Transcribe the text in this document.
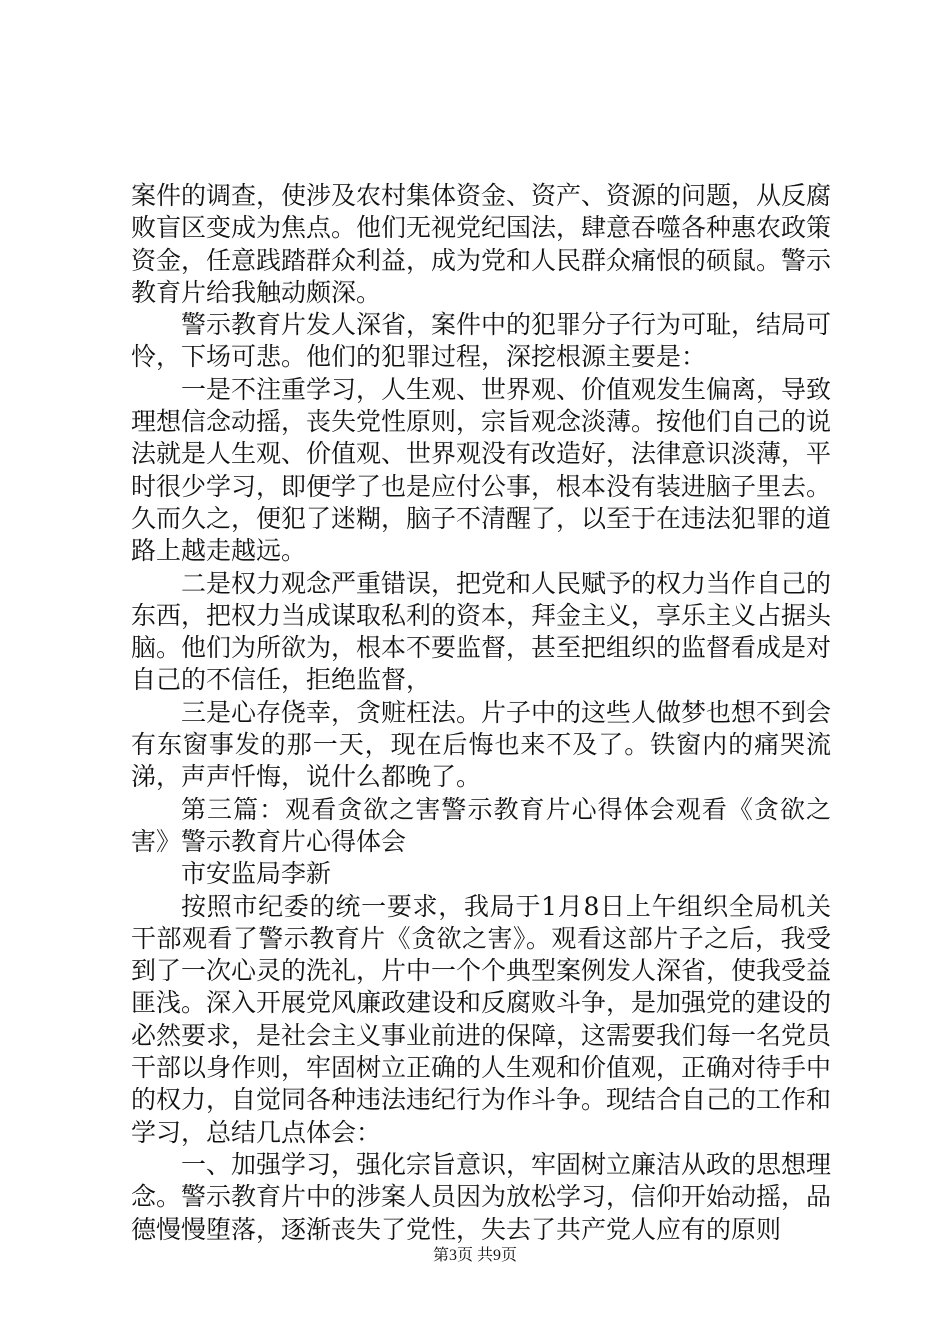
案件的调查，使涉及农村集体资金、资产、资源的问题，从反腐败盲区变成为焦点。他们无视党纪国法，肆意吞噬各种惠农政策资金，任意践踏群众利益，成为党和人民群众痛恨的硕鼠。警示教育片给我触动颇深。

警示教育片发人深省，案件中的犯罪分子行为可耻，结局可怜，下场可悲。他们的犯罪过程，深挖根源主要是：

一是不注重学习，人生观、世界观、价值观发生偏离，导致理想信念动摇，丧失党性原则，宗旨观念淡薄。按他们自己的说法就是人生观、价值观、世界观没有改造好，法律意识淡薄，平时很少学习，即便学了也是应付公事，根本没有装进脑子里去。久而久之，便犯了迷糊，脑子不清醒了，以至于在违法犯罪的道路上越走越远。

二是权力观念严重错误，把党和人民赋予的权力当作自己的东西，把权力当成谋取私利的资本，拜金主义，享乐主义占据头脑。他们为所欲为，根本不要监督，甚至把组织的监督看成是对自己的不信任，拒绝监督，

三是心存侥幸，贪赃枉法。片子中的这些人做梦也想不到会有东窗事发的那一天，现在后悔也来不及了。铁窗内的痛哭流涕，声声忏悔，说什么都晚了。

第三篇：观看贪欲之害警示教育片心得体会观看《贪欲之害》警示教育片心得体会

市安监局李新

按照市纪委的统一要求，我局于1月8日上午组织全局机关干部观看了警示教育片《贪欲之害》。观看这部片子之后，我受到了一次心灵的洗礼，片中一个个典型案例发人深省，使我受益匪浅。深入开展党风廉政建设和反腐败斗争，是加强党的建设的必然要求，是社会主义事业前进的保障，这需要我们每一名党员干部以身作则，牢固树立正确的人生观和价值观，正确对待手中的权力，自觉同各种违法违纪行为作斗争。现结合自己的工作和学习，总结几点体会：

一、加强学习，强化宗旨意识，牢固树立廉洁从政的思想理念。警示教育片中的涉案人员因为放松学习，信仰开始动摇，品德慢慢堕落，逐渐丧失了党性，失去了共产党人应有的原则

第3页 共9页
